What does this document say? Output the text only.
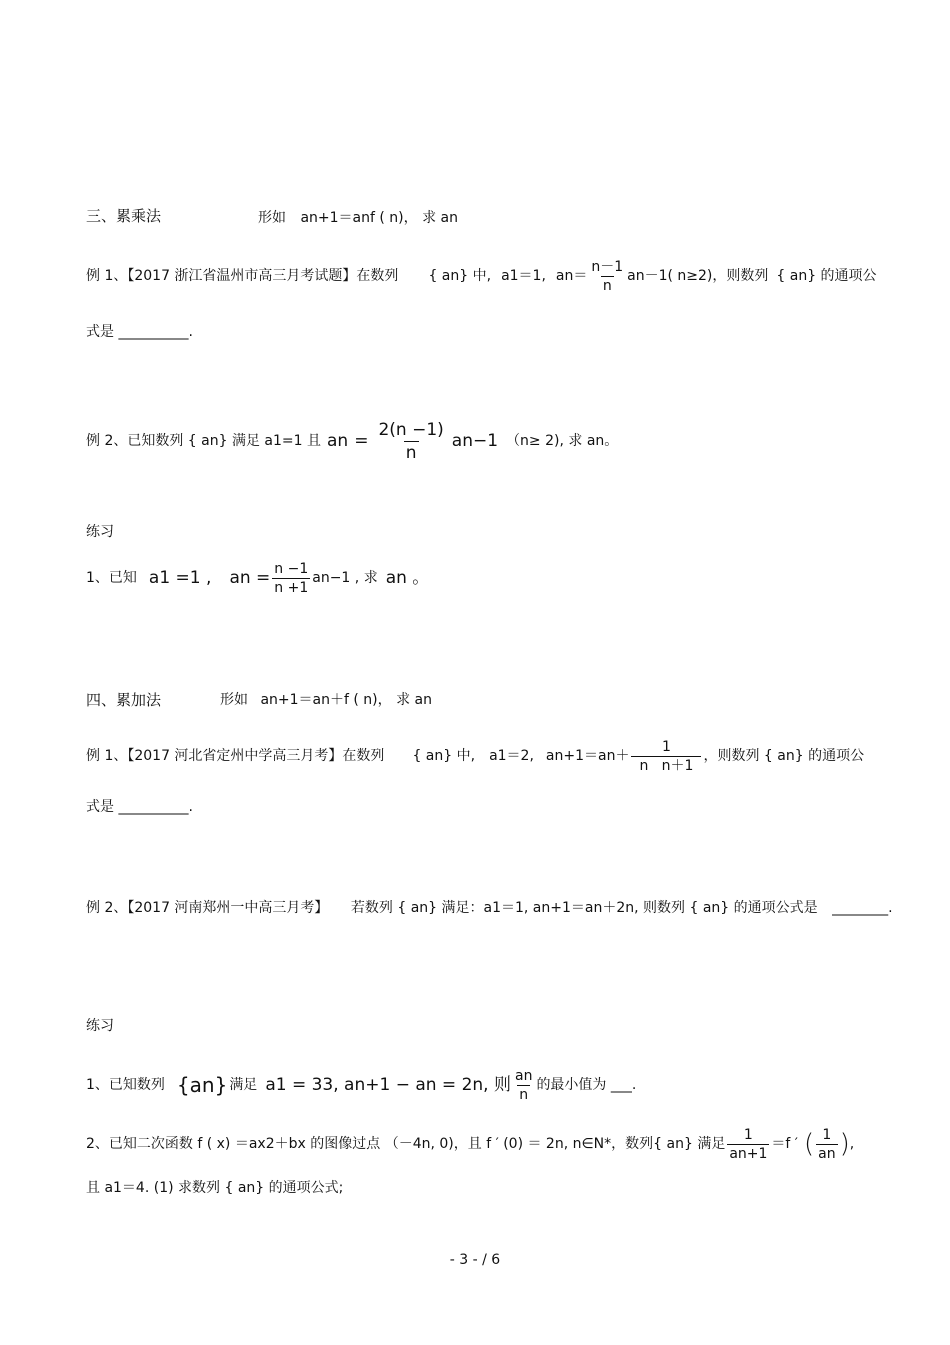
三、累乘法	形如 an+1＝anf ( n)， 求 an
例 1、【2017 浙江省温州市高三月考试题】在数列 { an} 中, a1＝1, $an= \frac{n-1}{n} an-1$( n≥2)，则数列 { an} 的通项公
式是 __________.
例 2、已知数列 { an} 满足 a1=1 且 an = $\frac{2(n -1)}{n} an-1$ （n≥ 2), 求 an。
练习
1、已知 a1 =1 , an = $\frac{n -1}{n +1} an-1$ , 求 an 。
四、累加法	形如 an+1＝an＋f ( n)， 求 an
例 1、【2017 河北省定州中学高三月考】在数列 { an} 中, a1＝2, $an+1=an+ \frac{1}{\text{n   n＋1}}$ ，则数列 { an} 的通项公
式是 __________.
例 2、【2017 河南郑州一中高三月考】 若数列 { an} 满足：a1＝1, an+1＝an＋2n, 则数列 { an} 的通项公式是 ________.
练习
1、已知数列 {an} 满足 a1 = 33, an+1 − an = 2n, 则 $\frac{an}{n}$ 的最小值为 ___.
2、已知二次函数 f ( x) ＝ax2＋bx 的图像过点 （－4n, 0)，且 f ′ (0) ＝ 2n, n∈N*，数列{ an} 满足 $\frac{1}{an+1} =f$ ′ ( $\frac{1}{an}$ ) ,
且 a1＝4. (1) 求数列 { an} 的通项公式;
- 3 - / 6
